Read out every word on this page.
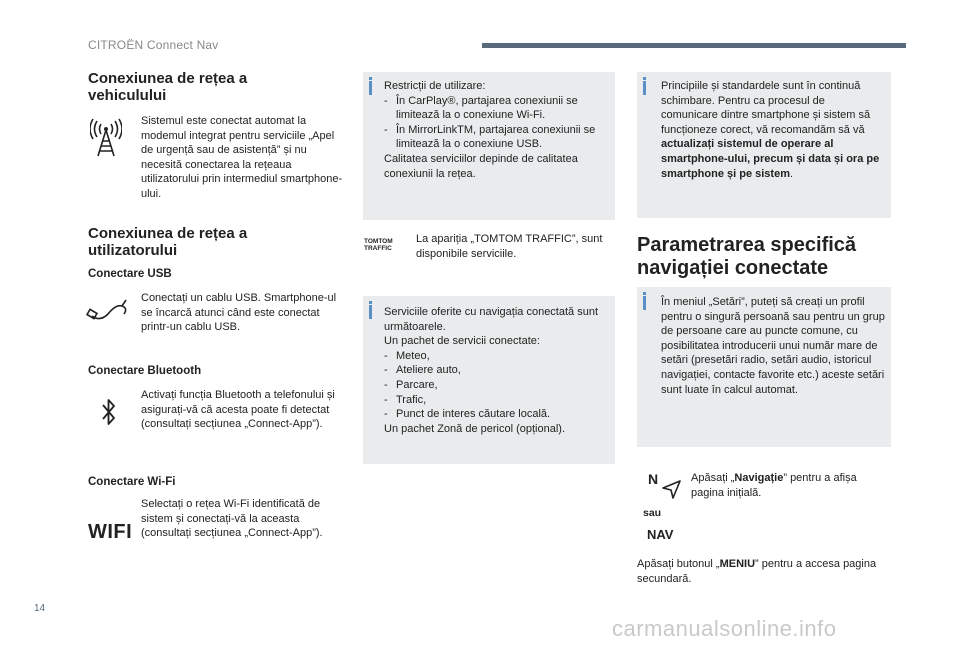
CITROËN Connect Nav
Conexiunea de rețea a vehiculului
Sistemul este conectat automat la modemul integrat pentru serviciile „Apel de urgență sau de asistență” și nu necesită conectarea la rețeaua utilizatorului prin intermediul smartphone-ului.
Conexiunea de rețea a utilizatorului
Conectare USB
Conectați un cablu USB. Smartphone-ul se încarcă atunci când este conectat printr-un cablu USB.
Conectare Bluetooth
Activați funcția Bluetooth a telefonului și asigurați-vă că acesta poate fi detectat (consultați secțiunea „Connect-App”).
Conectare Wi-Fi
WIFI
Selectați o rețea Wi-Fi identificată de sistem și conectați-vă la aceasta (consultați secțiunea „Connect-App”).
Restricții de utilizare:
- În CarPlay®, partajarea conexiunii se limitează la o conexiune Wi-Fi.
- În MirrorLinkTM, partajarea conexiunii se limitează la o conexiune USB.
Calitatea serviciilor depinde de calitatea conexiunii la rețea.
TOMTOM TRAFFIC
La apariția „TOMTOM TRAFFIC”, sunt disponibile serviciile.
Serviciile oferite cu navigația conectată sunt următoarele.
Un pachet de servicii conectate:
- Meteo,
- Ateliere auto,
- Parcare,
- Trafic,
- Punct de interes căutare locală.
Un pachet Zonă de pericol (opțional).
Principiile și standardele sunt în continuă schimbare. Pentru ca procesul de comunicare dintre smartphone și sistem să funcționeze corect, vă recomandăm să vă actualizați sistemul de operare al smartphone-ului, precum și data și ora pe smartphone și pe sistem.
Parametrarea specifică navigației conectate
În meniul „Setări”, puteți să creați un profil pentru o singură persoană sau pentru un grup de persoane care au puncte comune, cu posibilitatea introducerii unui număr mare de setări (presetări radio, setări audio, istoricul navigației, contacte favorite etc.) aceste setări sunt luate în calcul automat.
N
sau
NAV
Apăsați „Navigație” pentru a afișa pagina inițială.
Apăsați butonul „MENIU” pentru a accesa pagina secundară.
14
carmanualsonline.info
